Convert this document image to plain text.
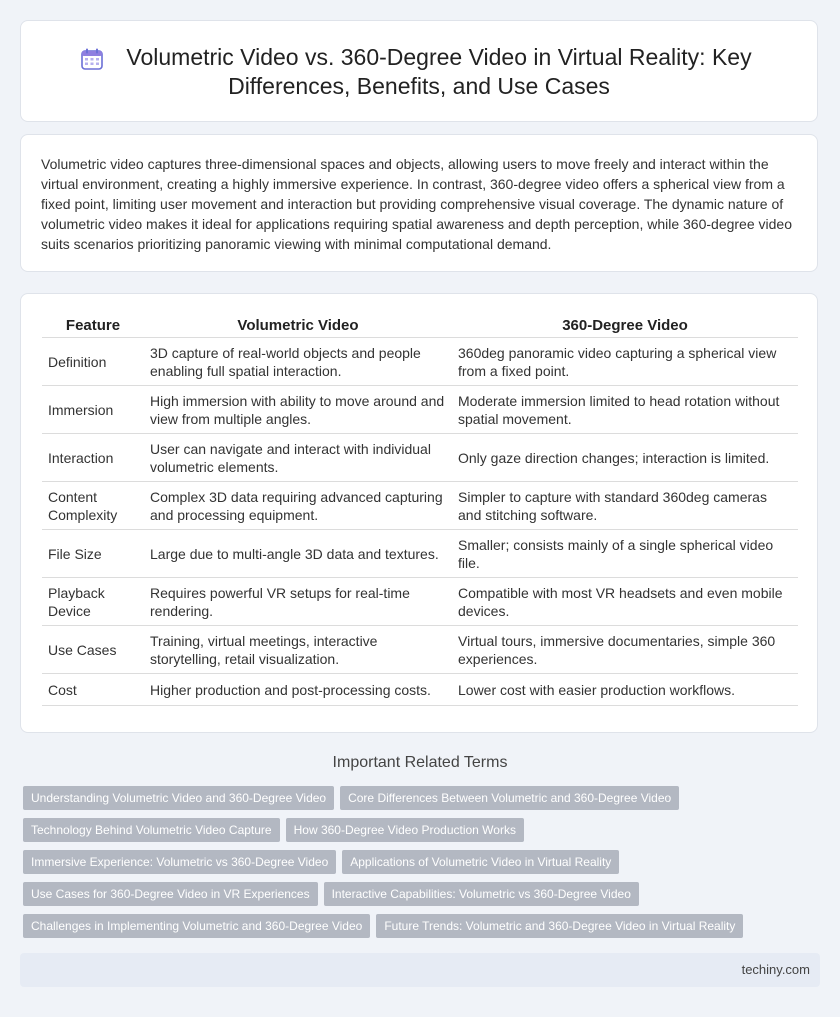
Volumetric Video vs. 360-Degree Video in Virtual Reality: Key
Differences, Benefits, and Use Cases
Volumetric video captures three-dimensional spaces and objects, allowing users to move freely and interact within the virtual environment, creating a highly immersive experience. In contrast, 360-degree video offers a spherical view from a fixed point, limiting user movement and interaction but providing comprehensive visual coverage. The dynamic nature of volumetric video makes it ideal for applications requiring spatial awareness and depth perception, while 360-degree video suits scenarios prioritizing panoramic viewing with minimal computational demand.
Feature	Volumetric Video	360-Degree Video
Definition	3D capture of real-world objects and people enabling full spatial interaction.	360deg panoramic video capturing a spherical view from a fixed point.
Immersion	High immersion with ability to move around and view from multiple angles.	Moderate immersion limited to head rotation without spatial movement.
Interaction	User can navigate and interact with individual volumetric elements.	Only gaze direction changes; interaction is limited.
Content Complexity	Complex 3D data requiring advanced capturing and processing equipment.	Simpler to capture with standard 360deg cameras and stitching software.
File Size	Large due to multi-angle 3D data and textures.	Smaller; consists mainly of a single spherical video file.
Playback Device	Requires powerful VR setups for real-time rendering.	Compatible with most VR headsets and even mobile devices.
Use Cases	Training, virtual meetings, interactive storytelling, retail visualization.	Virtual tours, immersive documentaries, simple 360 experiences.
Cost	Higher production and post-processing costs.	Lower cost with easier production workflows.
Important Related Terms
Understanding Volumetric Video and 360-Degree Video Core Differences Between Volumetric and 360-Degree Video
Technology Behind Volumetric Video Capture How 360-Degree Video Production Works
Immersive Experience: Volumetric vs 360-Degree Video Applications of Volumetric Video in Virtual Reality
Use Cases for 360-Degree Video in VR Experiences Interactive Capabilities: Volumetric vs 360-Degree Video
Challenges in Implementing Volumetric and 360-Degree Video Future Trends: Volumetric and 360-Degree Video in Virtual Reality
techiny.com
